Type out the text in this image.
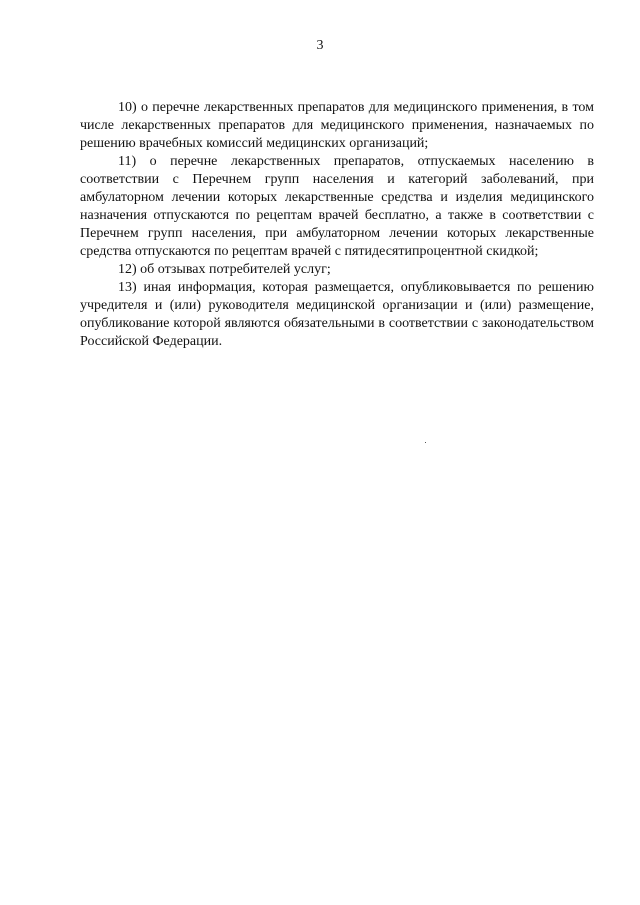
3

10) о перечне лекарственных препаратов для медицинского применения, в том числе лекарственных препаратов для медицинского применения, назначаемых по решению врачебных комиссий медицинских организаций;

11) о перечне лекарственных препаратов, отпускаемых населению в соответствии с Перечнем групп населения и категорий заболеваний, при амбулаторном лечении которых лекарственные средства и изделия медицинского назначения отпускаются по рецептам врачей бесплатно, а также в соответствии с Перечнем групп населения, при амбулаторном лечении которых лекарственные средства отпускаются по рецептам врачей с пятидесятипроцентной скидкой;

12) об отзывах потребителей услуг;

13) иная информация, которая размещается, опубликовывается по решению учредителя и (или) руководителя медицинской организации и (или) размещение, опубликование которой являются обязательными в соответствии с законодательством Российской Федерации.
